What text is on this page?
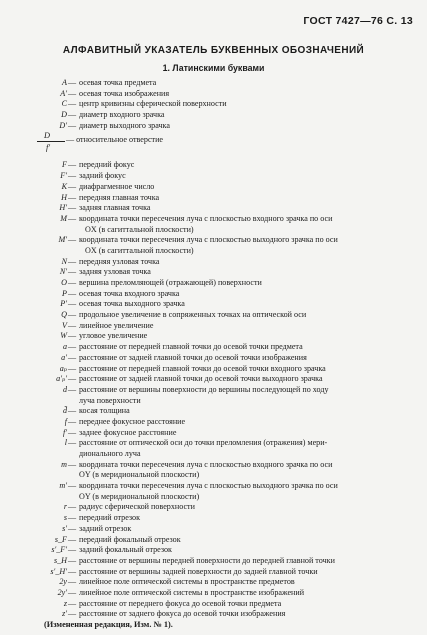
ГОСТ 7427—76 С. 13
АЛФАВИТНЫЙ УКАЗАТЕЛЬ БУКВЕННЫХ ОБОЗНАЧЕНИЙ
1. Латинскими буквами
A — осевая точка предмета
A′ — осевая точка изображения
C — центр кривизны сферической поверхности
D — диаметр входного зрачка
D′ — диаметр выходного зрачка
D
f′
— относительное отверстие
F — передний фокус
F′ — задний фокус
K — диафрагменное число
H — передняя главная точка
H′ — задняя главная точка
M — координата точки пересечения луча с плоскостью входного зрачка по оси
OX (в сагиттальной плоскости)
M′ — координата точки пересечения луча с плоскостью выходного зрачка по оси
OX (в сагиттальной плоскости)
N — передняя узловая точка
N′ — задняя узловая точка
O — вершина преломляющей (отражающей) поверхности
P — осевая точка входного зрачка
P′ — осевая точка выходного зрачка
Q — продольное увеличение в сопряженных точках на оптической оси
V — линейное увеличение
W — угловое увеличение
a — расстояние от передней главной точки до осевой точки предмета
a′ — расстояние от задней главной точки до осевой точки изображения
aₚ — расстояние от передней главной точки до осевой точки входного зрачка
a′ₚ′ — расстояние от задней главной точки до осевой точки выходного зрачка
d — расстояние от вершины поверхности до вершины последующей по ходу
луча поверхности
d̃ — косая толщина
f — переднее фокусное расстояние
f′ — заднее фокусное расстояние
l — расстояние от оптической оси до точки преломления (отражения) мери-
дионального луча
m — координата точки пересечения луча с плоскостью входного зрачка по оси
OY (в меридиональной плоскости)
m′ — координата точки пересечения луча с плоскостью выходного зрачка по оси
OY (в меридиональной плоскости)
r — радиус сферической поверхности
s — передний отрезок
s′ — задний отрезок
s_F — передний фокальный отрезок
s′_F′ — задний фокальный отрезок
s_H — расстояние от вершины передней поверхности до передней главной точки
s′_H′ — расстояние от вершины задней поверхности до задней главной точки
2y — линейное поле оптической системы в пространстве предметов
2y′ — линейное поле оптической системы в пространстве изображений
z — расстояние от переднего фокуса до осевой точки предмета
z′ — расстояние от заднего фокуса до осевой точки изображения
(Измененная редакция, Изм. № 1).
